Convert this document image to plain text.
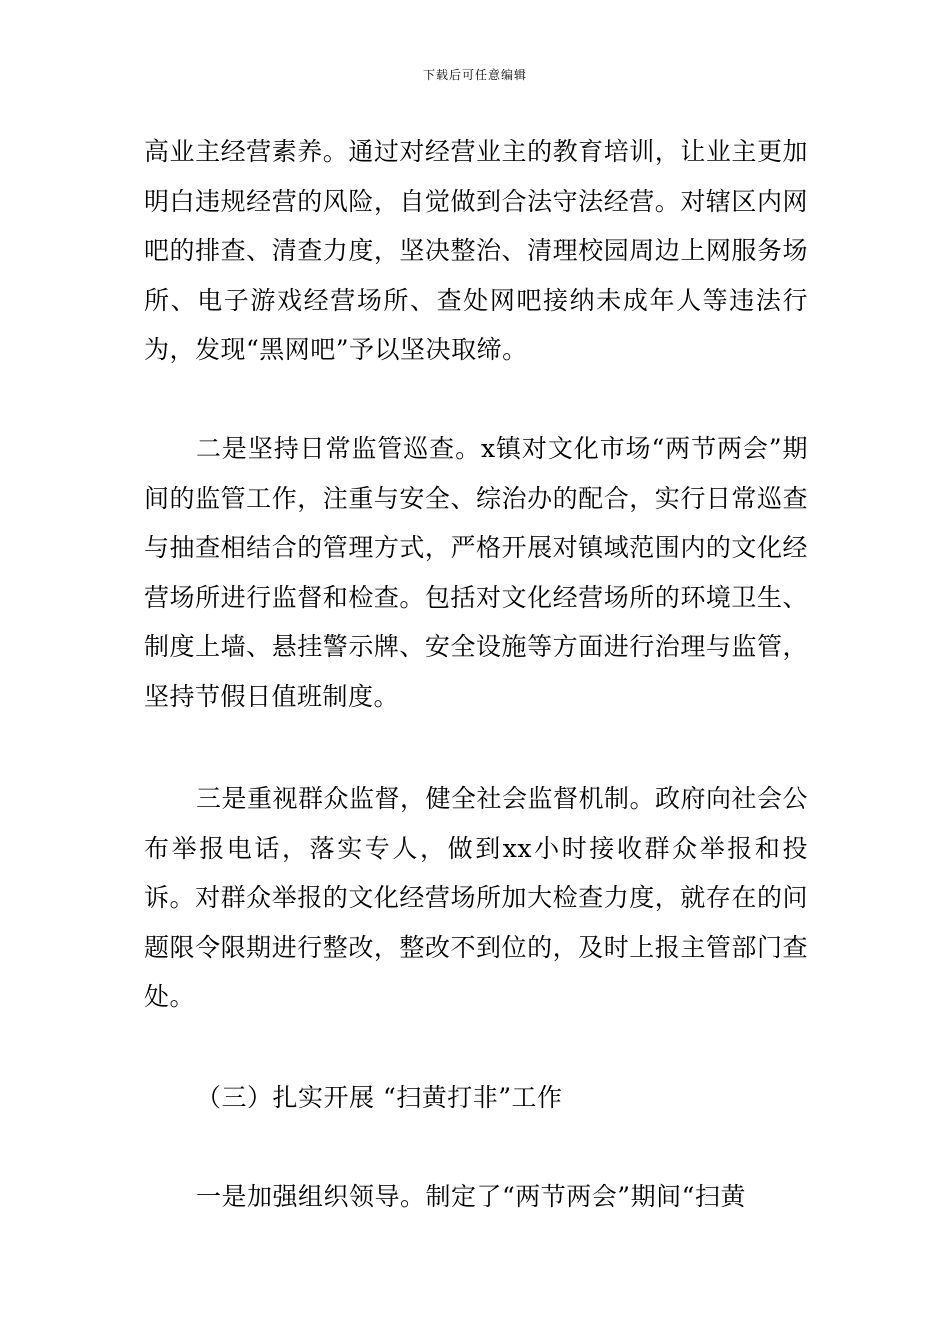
下载后可任意编辑

高业主经营素养。通过对经营业主的教育培训，让业主更加明白违规经营的风险，自觉做到合法守法经营。对辖区内网吧的排查、清查力度，坚决整治、清理校园周边上网服务场所、电子游戏经营场所、查处网吧接纳未成年人等违法行为，发现“黑网吧”予以坚决取缔。

二是坚持日常监管巡查。x镇对文化市场“两节两会”期间的监管工作，注重与安全、综治办的配合，实行日常巡查与抽查相结合的管理方式，严格开展对镇域范围内的文化经营场所进行监督和检查。包括对文化经营场所的环境卫生、制度上墙、悬挂警示牌、安全设施等方面进行治理与监管，坚持节假日值班制度。

三是重视群众监督，健全社会监督机制。政府向社会公布举报电话，落实专人，做到xx小时接收群众举报和投诉。对群众举报的文化经营场所加大检查力度，就存在的问题限令限期进行整改，整改不到位的，及时上报主管部门查处。

（三）扎实开展 “扫黄打非”工作

一是加强组织领导。制定了“两节两会”期间“扫黄
